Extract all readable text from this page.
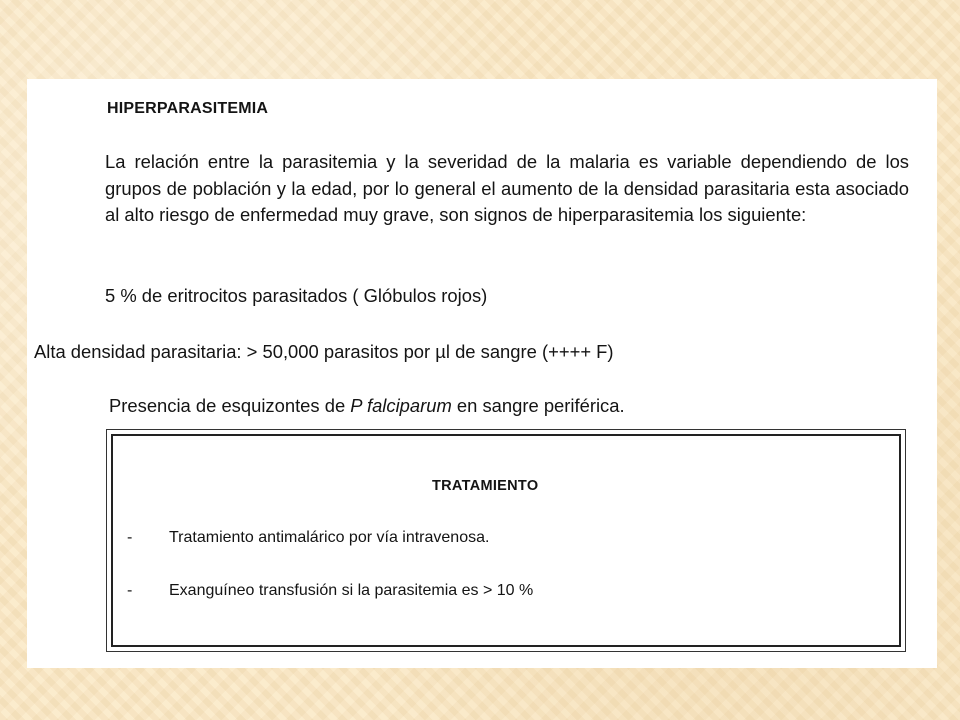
HIPERPARASITEMIA

La relación entre la parasitemia y la severidad de la malaria es variable dependiendo de los grupos de población y la edad, por lo general el aumento de la densidad parasitaria esta asociado al alto riesgo de enfermedad muy grave, son signos de hiperparasitemia los siguiente:

5 % de eritrocitos parasitados ( Glóbulos rojos)

Alta densidad parasitaria: > 50,000 parasitos por µl de sangre (++++ F)

Presencia de esquizontes de P falciparum en sangre periférica.

TRATAMIENTO

- Tratamiento antimalárico por vía intravenosa.
- Exanguíneo transfusión si la parasitemia es > 10 %
